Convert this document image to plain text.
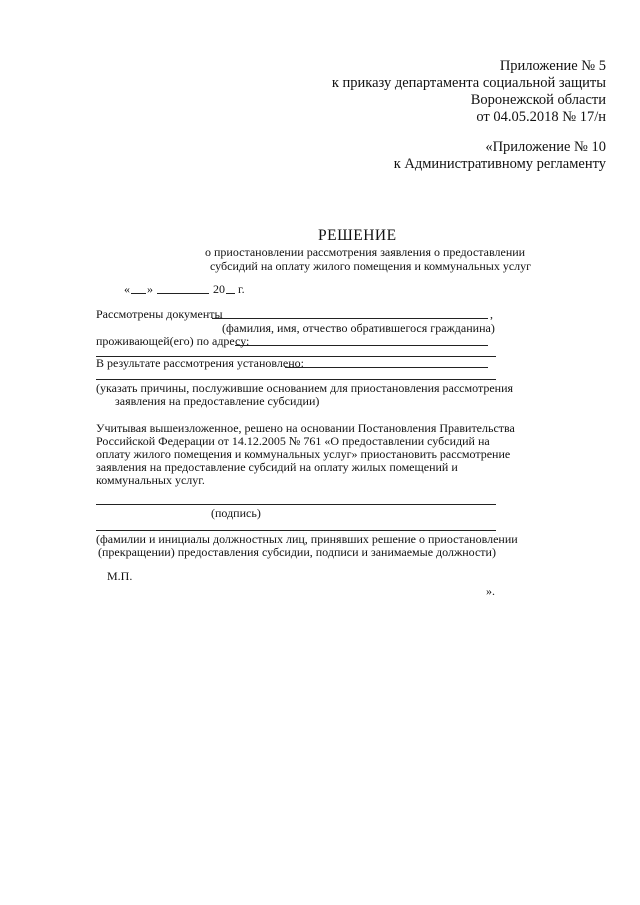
Приложение № 5
к приказу департамента социальной защиты
Воронежской области
от 04.05.2018 № 17/н
«Приложение № 10
к Административному регламенту
РЕШЕНИЕ
о приостановлении рассмотрения заявления о предоставлении
субсидий на оплату жилого помещения и коммунальных услуг
« »	20 г.
Рассмотрены документы	,
(фамилия, имя, отчество обратившегося гражданина)
проживающей(его) по адресу:
В результате рассмотрения установлено:
(указать причины, послужившие основанием для приостановления рассмотрения
заявления на предоставление субсидии)
Учитывая вышеизложенное, решено на основании Постановления Правительства
Российской Федерации от 14.12.2005 № 761 «О предоставлении субсидий на
оплату жилого помещения и коммунальных услуг» приостановить рассмотрение
заявления на предоставление субсидий на оплату жилых помещений и
коммунальных услуг.
(подпись)
(фамилии и инициалы должностных лиц, принявших решение о приостановлении
(прекращении) предоставления субсидии, подписи и занимаемые должности)
М.П.
».
